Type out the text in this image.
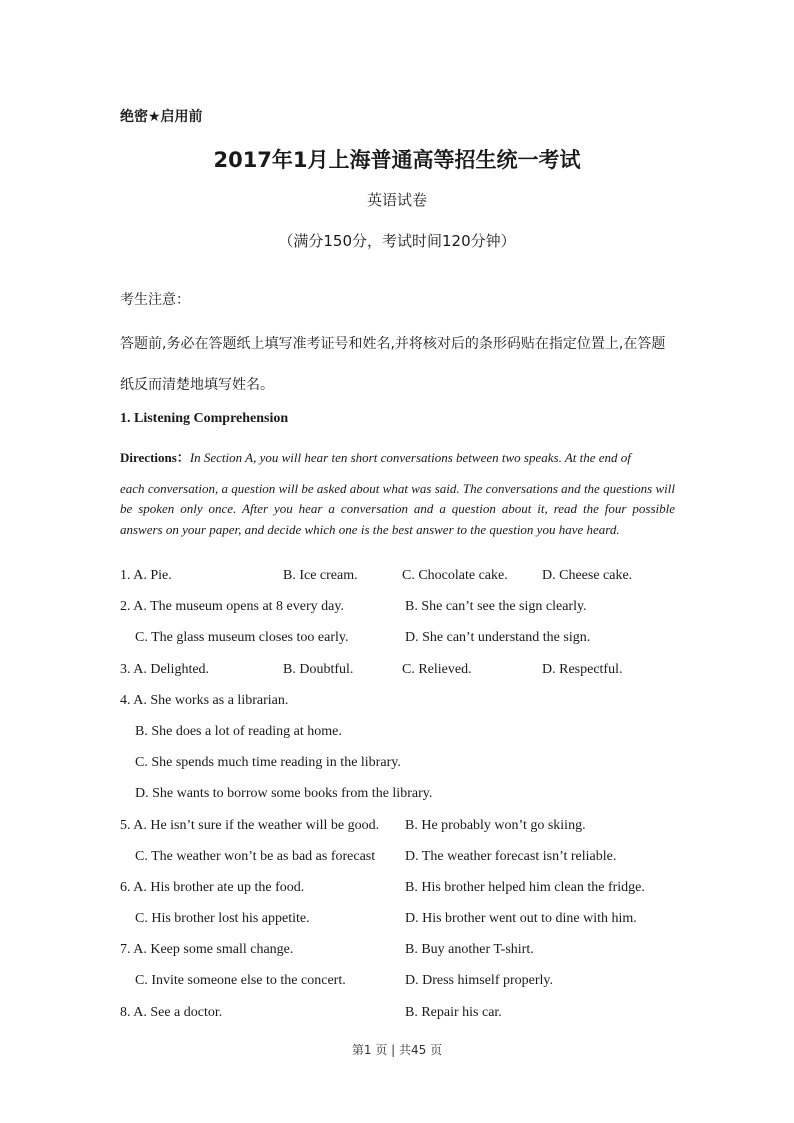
绝密★启用前
2017年1月上海普通高等招生统一考试
英语试卷
（满分150分，考试时间120分钟）
考生注意：
答题前,务必在答题纸上填写准考证号和姓名,并将核对后的条形码贴在指定位置上,在答题
纸反而清楚地填写姓名。
1. Listening Comprehension
Directions：In Section A, you will hear ten short conversations between two speaks. At the end of
each conversation, a question will be asked about what was said. The conversations and the questions will be spoken only once. After you hear a conversation and a question about it, read the four possible answers on your paper, and decide which one is the best answer to the question you have heard.
1. A. Pie.	B. Ice cream.	C. Chocolate cake. D. Cheese cake.
2. A. The museum opens at 8 every day.	B. She can’t see the sign clearly.
C. The glass museum closes too early.	D. She can’t understand the sign.
3. A. Delighted.	B. Doubtful.	C. Relieved.	D. Respectful.
4. A. She works as a librarian.
B. She does a lot of reading at home.
C. She spends much time reading in the library.
D. She wants to borrow some books from the library.
5. A. He isn’t sure if the weather will be good. B. He probably won’t go skiing.
C. The weather won’t be as bad as forecast D. The weather forecast isn’t reliable.
6. A. His brother ate up the food.	B. His brother helped him clean the fridge.
C. His brother lost his appetite.	D. His brother went out to dine with him.
7. A. Keep some small change.	B. Buy another T-shirt.
C. Invite someone else to the concert.	D. Dress himself properly.
8. A. See a doctor.	B. Repair his car.
第1 页 | 共45 页
